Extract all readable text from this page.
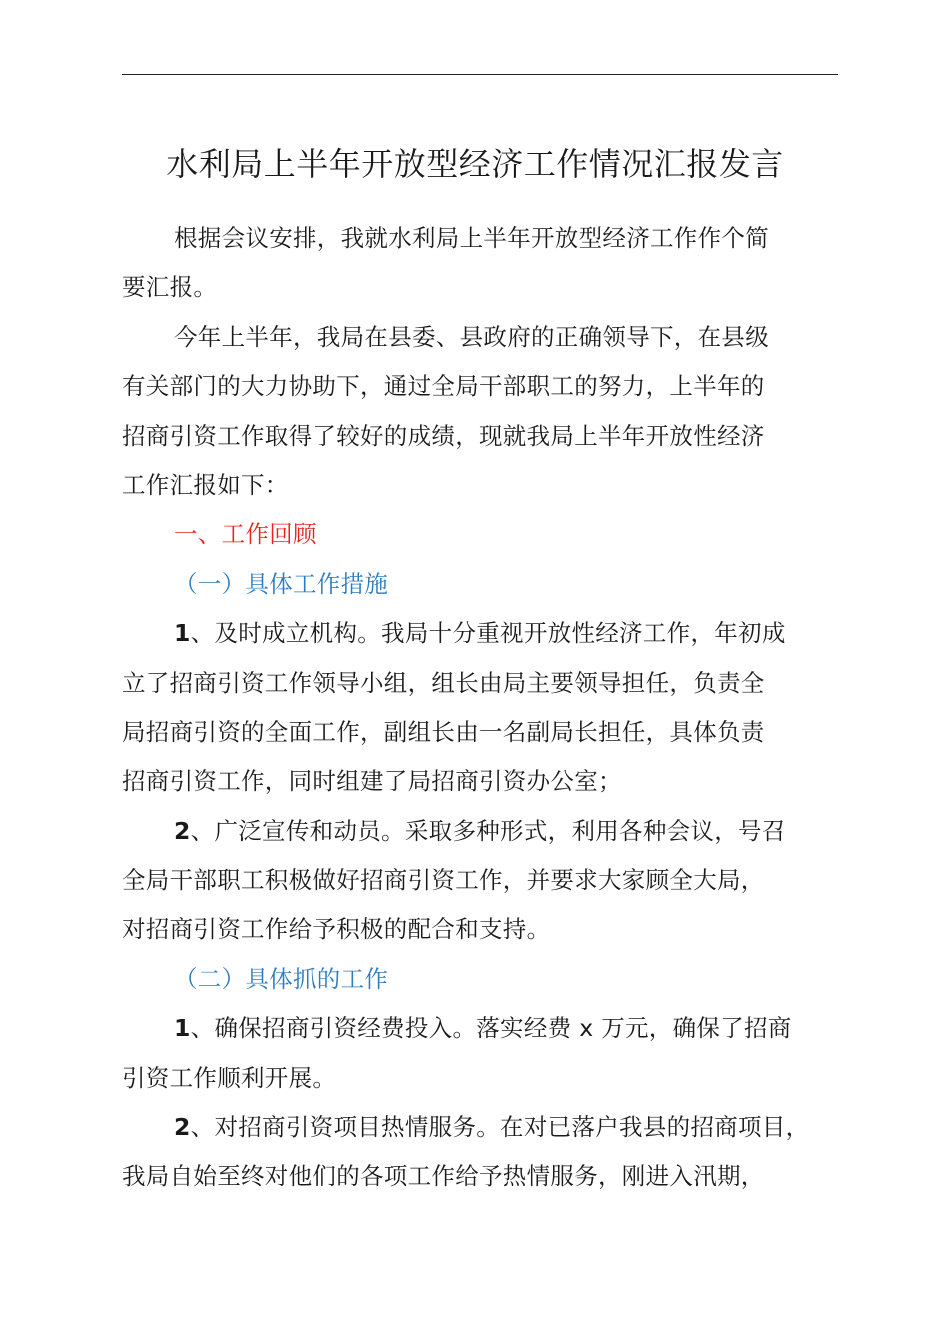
水利局上半年开放型经济工作情况汇报发言
根据会议安排，我就水利局上半年开放型经济工作作个简
要汇报。
今年上半年，我局在县委、县政府的正确领导下，在县级
有关部门的大力协助下，通过全局干部职工的努力，上半年的
招商引资工作取得了较好的成绩，现就我局上半年开放性经济
工作汇报如下：
一、工作回顾
（一）具体工作措施
1、及时成立机构。我局十分重视开放性经济工作，年初成
立了招商引资工作领导小组，组长由局主要领导担任，负责全
局招商引资的全面工作，副组长由一名副局长担任，具体负责
招商引资工作，同时组建了局招商引资办公室；
2、广泛宣传和动员。采取多种形式，利用各种会议，号召
全局干部职工积极做好招商引资工作，并要求大家顾全大局，
对招商引资工作给予积极的配合和支持。
（二）具体抓的工作
1、确保招商引资经费投入。落实经费 x 万元，确保了招商
引资工作顺利开展。
2、对招商引资项目热情服务。在对已落户我县的招商项目，
我局自始至终对他们的各项工作给予热情服务，刚进入汛期，
